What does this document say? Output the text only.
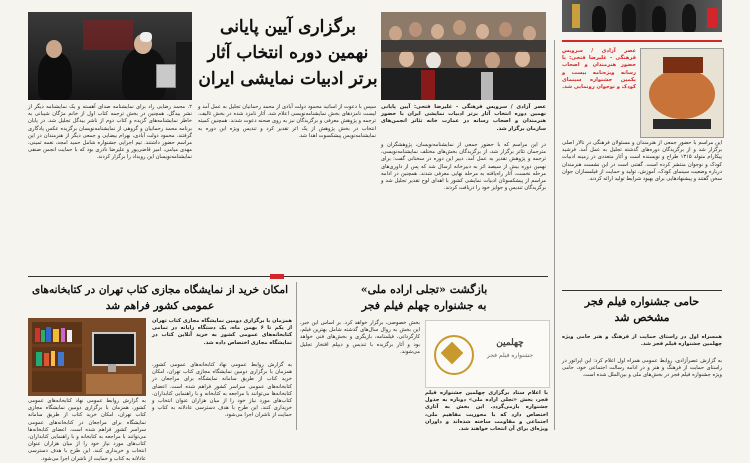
برگزاری آیین پایانی
نهمین دوره انتخاب آثار
برتر ادبیات نمایشی ایران
عصر آزادی / سرویس فرهنگی - غلیرضا فتحی: با حضور هنرمندان و اصحاب رسانه ویژه‌نامه بیست و یکمین جشنواره سینمای کودک و نوجوان رونمایی شد.
این مراسم با حضور جمعی از هنرمندان و مسئولان فرهنگی در تالار اصلی برگزار شد و از برگزیدگان دوره‌های گذشته تجلیل به عمل آمد. فرشید پیکارام متولد ۱۳۱۵ طراح و نویسنده است و آثار متعددی در زمینه ادبیات کودک و نوجوان منتشر کرده است. گفتنی است در این نشست هنرمندان درباره وضعیت سینمای کودک، آموزش، تولید و حمایت از فیلمسازان جوان سخن گفتند و پیشنهادهایی برای بهبود شرایط تولید ارائه کردند.
عصر آزادی / سرویس فرهنگی - غلیرضا فتحی: آیین پایانی نهمین دوره انتخاب آثار برتر ادبیات نمایشی ایران با حضور هنرمندان و اصحاب رسانه در عمارت خانه تئاتر انجمن‌های سازمان برگزار شد.
در این مراسم که با حضور جمعی از نمایشنامه‌نویسان، پژوهشگران و مترجمان تئاتر برگزار شد، از برگزیدگان بخش‌های مختلف نمایشنامه‌نویسی، ترجمه و پژوهش تقدیر به عمل آمد. دبیر این دوره در سخنانی گفت: برای نهمین دوره بیش از سیصد اثر به دبیرخانه ارسال شد که پس از داوری‌های مرحله نخست، آثار راه‌یافته به مرحله نهایی معرفی شدند. همچنین در ادامه مراسم از پیشکسوتان ادبیات نمایشی کشور با اهدای لوح تقدیر تجلیل شد و برگزیدگان تندیس و جوایز خود را دریافت کردند.
سپس با دعوت از اساتید محمود دولت آبادی از محمد رحمانیان تجلیل به عمل آمد و لیست نامزدهای بخش نمایشنامه‌نویسی اعلام شد. آثار نامزد شده در بخش تالیف، ترجمه و پژوهش معرفی و برگزیدگان نیز به روی صحنه دعوت شدند. همچنین کمیته انتخاب در بخش پژوهش از یک اثر تقدیر کرد و تندیس ویژه این دوره به نمایشنامه‌نویس پیشکسوت اهدا شد.
۲. محمد رضایی راد برای نمایشنامه صدای آهسته و یک نمایشنامه دیگر از نشر بیدگل. همچنین در بخش ترجمه کتاب اول از خانم مژگان شیبانی به خاطر نمایشنامه‌های گزیده و کتاب دوم از ناشر بیدگل تجلیل شد. در پایان برنامه محمد رحمانیان و گروهی از نمایشنامه‌نویسان برگزیده عکس یادگاری گرفتند. محمود دولت آبادی، بهرام بیضایی و جمعی دیگر از هنرمندان در این مراسم حضور داشتند. تیم اجرایی جشنواره شامل حمید امجد، نغمه ثمینی، مهدی میامی، امیر قاضی‌پور و علیرضا نادری بود که با حمایت انجمن صنفی نمایشنامه‌نویسان این رویداد را برگزار کردند.
حامی جشنواره فیلم فجر
مشخص شد
همسراه اول در راستای حمایت از فرهنگ و هنر حامی ویژه چهلمین جشنواره فیلم فجر شد.
به گزارش عصرآزادی، روابط عمومی همراه اول اعلام کرد: این اپراتور در راستای حمایت از فرهنگ و هنر و در ادامه رسالت اجتماعی خود، حامی ویژه جشنواره فیلم فجر در بخش‌های ملی و بین‌الملل شده است.
بازگشت «تجلی اراده ملی»
به جشنواره چهلم فیلم فجر
چهلمین
جشنواره فیلم فجر
بخش خصوصی، برگزار خواهد کرد. بر اساس این خبر، این بخش به روال سال‌های گذشته شامل بهترین فیلم، کارگردانی، فیلمنامه، بازیگری و بخش‌های فنی خواهد بود و آثار برگزیده با تندیس و دیپلم افتخار تجلیل می‌شوند.
با اعلام ستاد برگزاری چهلمین جشنواره فیلم فجر، بخش «تجلی اراده ملی» دوباره به جدول جشنواره بازمی‌گردد. این بخش به آثاری اختصاص دارد که با محوریت مفاهیم ملی، اجتماعی و مقاومت ساخته شده‌اند و داوران ویژه‌ای برای آن انتخاب خواهند شد.
امکان خرید از نمایشگاه مجازی کتاب تهران در کتابخانه‌های
عمومی کشور فراهم شد
همزمان با برگزاری دومین نمایشگاه مجازی کتاب تهران از یکم تا ۶ بهمن ماه، یک دستگاه رایانه در تمامی کتابخانه‌های عمومی کشور به خرید آنلاین کتاب در نمایشگاه مجازی اختصاص داده شد.
به گزارش روابط عمومی نهاد کتابخانه‌های عمومی کشور، همزمان با برگزاری دومین نمایشگاه مجازی کتاب تهران، امکان خرید کتاب از طریق سامانه نمایشگاه برای مراجعان در کتابخانه‌های عمومی سراسر کشور فراهم شده است. اعضای کتابخانه‌ها می‌توانند با مراجعه به کتابخانه و با راهنمایی کتابداران، کتاب‌های مورد نیاز خود را از میان هزاران عنوان انتخاب و خریداری کنند. این طرح با هدف دسترسی عادلانه به کتاب و حمایت از ناشران اجرا می‌شود.
به گزارش روابط عمومی نهاد کتابخانه‌های عمومی کشور، همزمان با برگزاری دومین نمایشگاه مجازی کتاب تهران، امکان خرید کتاب از طریق سامانه نمایشگاه برای مراجعان در کتابخانه‌های عمومی سراسر کشور فراهم شده است. اعضای کتابخانه‌ها می‌توانند با مراجعه به کتابخانه و با راهنمایی کتابداران، کتاب‌های مورد نیاز خود را از میان هزاران عنوان انتخاب و خریداری کنند. این طرح با هدف دسترسی عادلانه به کتاب و حمایت از ناشران اجرا می‌شود.
